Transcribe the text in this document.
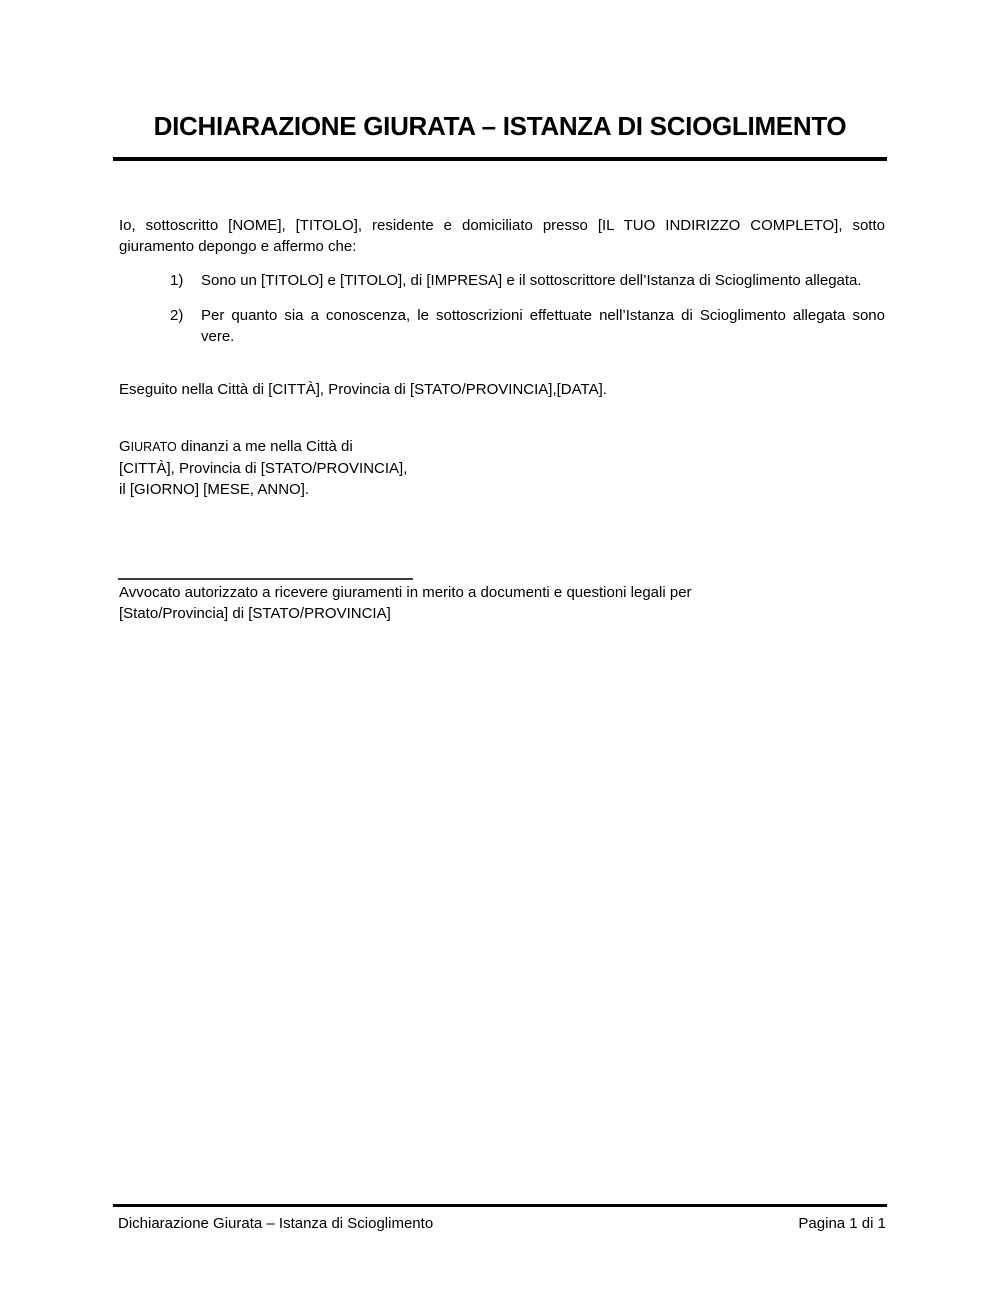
DICHIARAZIONE GIURATA – ISTANZA DI SCIOGLIMENTO

Io, sottoscritto [NOME], [TITOLO], residente e domiciliato presso [IL TUO INDIRIZZO COMPLETO], sotto giuramento depongo e affermo che:

1)	Sono un [TITOLO] e [TITOLO], di [IMPRESA] e il sottoscrittore dell’Istanza di Scioglimento allegata.
2)	Per quanto sia a conoscenza, le sottoscrizioni effettuate nell’Istanza di Scioglimento allegata sono vere.

Eseguito nella Città di [CITTÀ], Provincia di [STATO/PROVINCIA],[DATA].

GIURATO dinanzi a me nella Città di
[CITTÀ], Provincia di [STATO/PROVINCIA],
il [GIORNO] [MESE, ANNO].
Avvocato autorizzato a ricevere giuramenti in merito a documenti e questioni legali per
[Stato/Provincia] di [STATO/PROVINCIA]
Dichiarazione Giurata – Istanza di Scioglimento	Pagina 1 di 1
